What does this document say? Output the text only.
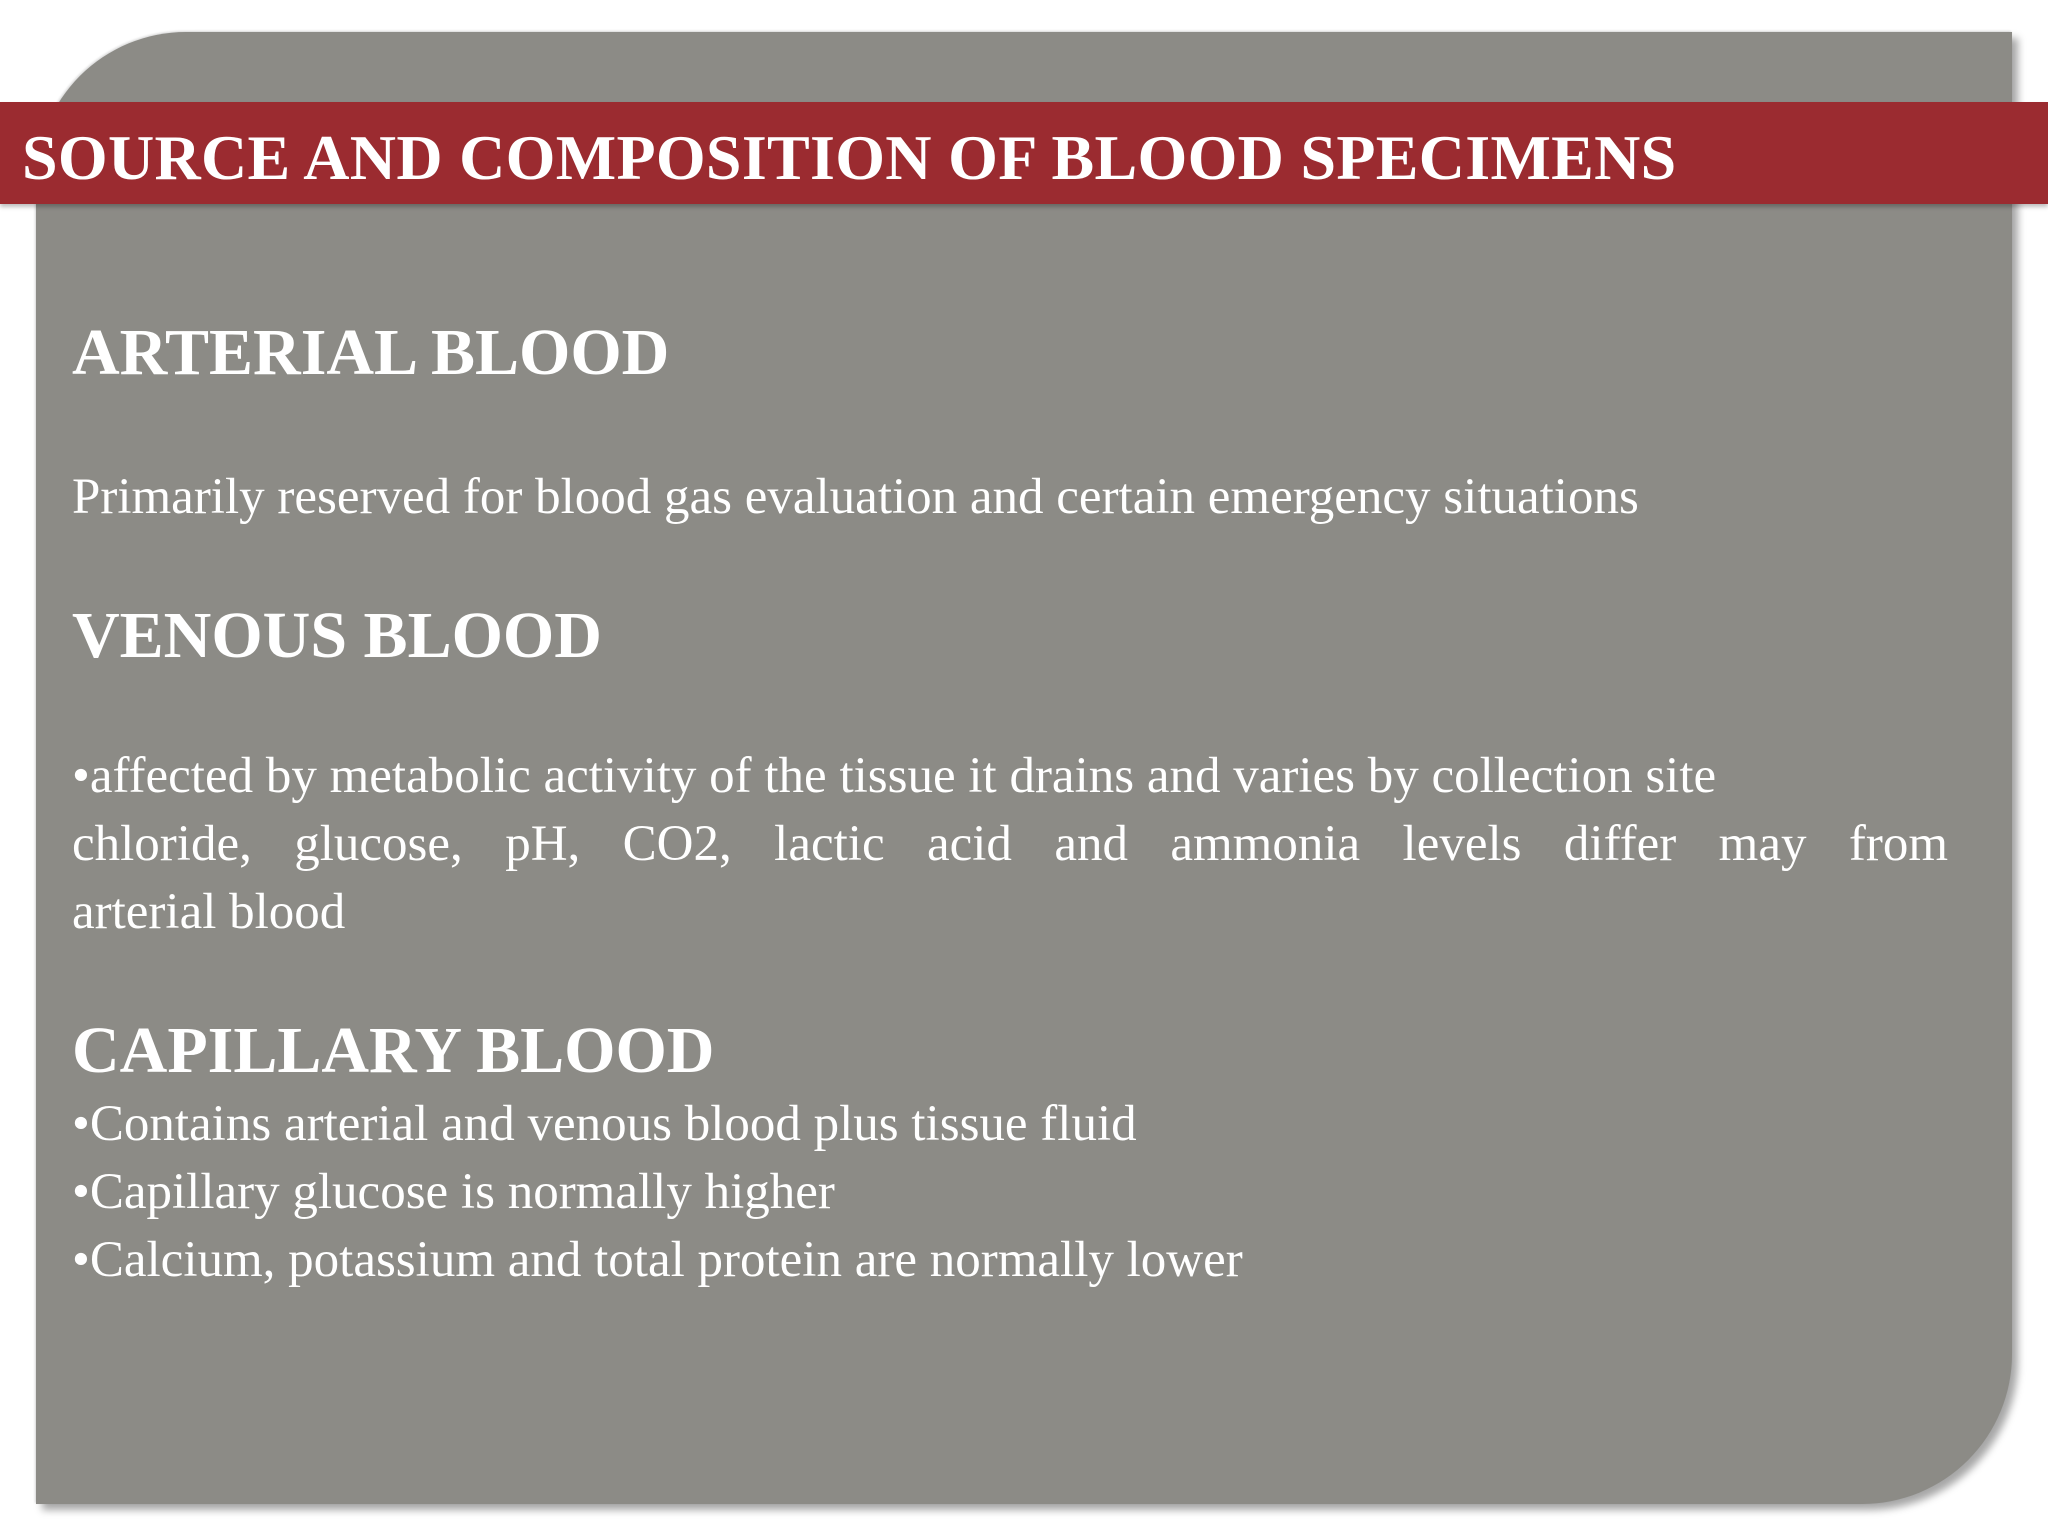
SOURCE AND COMPOSITION OF BLOOD SPECIMENS
ARTERIAL BLOOD
Primarily reserved for blood gas evaluation and certain emergency situations
VENOUS BLOOD
•affected by metabolic activity of the tissue it drains and varies by collection site
chloride, glucose, pH, CO2, lactic acid and ammonia levels differ may from
arterial blood
CAPILLARY BLOOD
•Contains arterial and venous blood plus tissue fluid
•Capillary glucose is normally higher
•Calcium, potassium and total protein are normally lower
